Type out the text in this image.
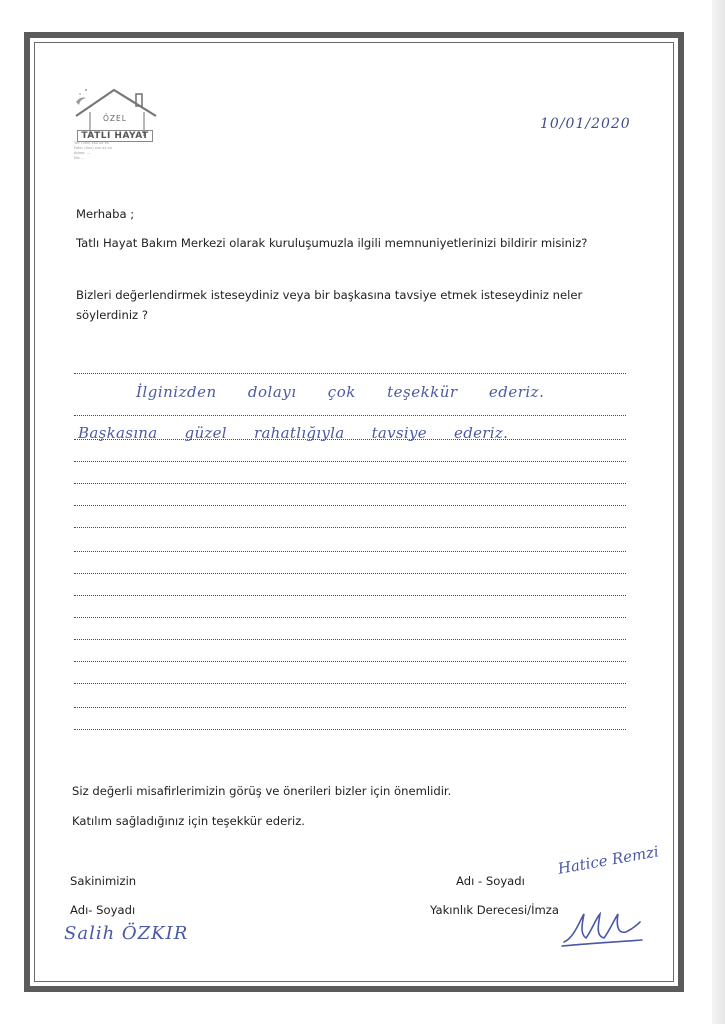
ÖZEL
TATLI HAYAT
Tel: (0xx) xxx xx xx
Faks: (0xx) xxx xx xx
Adres: ...
No: ...
10/01/2020
Merhaba ;
Tatlı Hayat Bakım Merkezi olarak kuruluşumuzla ilgili memnuniyetlerinizi bildirir misiniz?
Bizleri değerlendirmek isteseydiniz veya bir başkasına tavsiye etmek isteseydiniz neler söylerdiniz ?
İlginizden dolayı çok teşekkür ederiz.
Başkasına güzel rahatlığıyla tavsiye ederiz.
Siz değerli misafirlerimizin görüş ve önerileri bizler için önemlidir.
Katılım sağladığınız için teşekkür ederiz.
Sakinimizin
Adı- Soyadı
Salih ÖZKIR
Adı - Soyadı
Yakınlık Derecesi/İmza
Hatice Remzi
